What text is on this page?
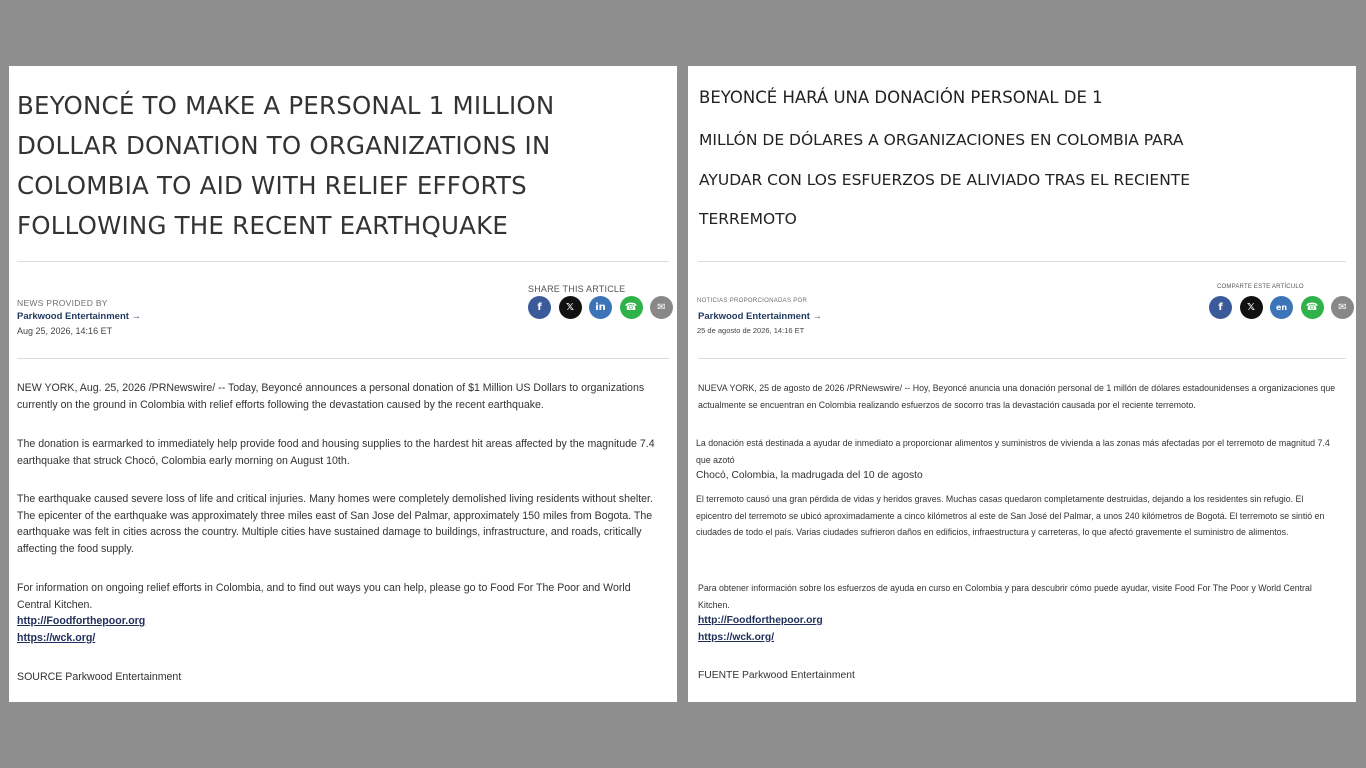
BEYONCÉ TO MAKE A PERSONAL 1 MILLION DOLLAR DONATION TO ORGANIZATIONS IN COLOMBIA TO AID WITH RELIEF EFFORTS FOLLOWING THE RECENT EARTHQUAKE
NEWS PROVIDED BY
Parkwood Entertainment →
Aug 25, 2026, 14:16 ET
SHARE THIS ARTICLE
f	𝕏	in	☎	✉

NEW YORK, Aug. 25, 2026 /PRNewswire/ -- Today, Beyoncé announces a personal donation of $1 Million US Dollars to organizations currently on the ground in Colombia with relief efforts following the devastation caused by the recent earthquake.

The donation is earmarked to immediately help provide food and housing supplies to the hardest hit areas affected by the magnitude 7.4 earthquake that struck Chocó, Colombia early morning on August 10th.

The earthquake caused severe loss of life and critical injuries. Many homes were completely demolished living residents without shelter. The epicenter of the earthquake was approximately three miles east of San Jose del Palmar, approximately 150 miles from Bogota. The earthquake was felt in cities across the country. Multiple cities have sustained damage to buildings, infrastructure, and roads, critically affecting the food supply.

For information on ongoing relief efforts in Colombia, and to find out ways you can help, please go to Food For The Poor and World Central Kitchen.

http://Foodforthepoor.org
https://wck.org/

SOURCE Parkwood Entertainment

BEYONCÉ HARÁ UNA DONACIÓN PERSONAL DE 1
MILLÓN DE DÓLARES A ORGANIZACIONES EN COLOMBIA PARA
AYUDAR CON LOS ESFUERZOS DE ALIVIADO TRAS EL RECIENTE
TERREMOTO
NOTICIAS PROPORCIONADAS POR
Parkwood Entertainment →
25 de agosto de 2026, 14:16 ET
COMPARTE ESTE ARTÍCULO
f	𝕏	en	☎	✉

NUEVA YORK, 25 de agosto de 2026 /PRNewswire/ -- Hoy, Beyoncé anuncia una donación personal de 1 millón de dólares estadounidenses a organizaciones que actualmente se encuentran en Colombia realizando esfuerzos de socorro tras la devastación causada por el reciente terremoto.

La donación está destinada a ayudar de inmediato a proporcionar alimentos y suministros de vivienda a las zonas más afectadas por el terremoto de magnitud 7.4 que azotó

Chocó, Colombia, la madrugada del 10 de agosto

El terremoto causó una gran pérdida de vidas y heridos graves. Muchas casas quedaron completamente destruidas, dejando a los residentes sin refugio. El epicentro del terremoto se ubicó aproximadamente a cinco kilómetros al este de San José del Palmar, a unos 240 kilómetros de Bogotá. El terremoto se sintió en ciudades de todo el país. Varias ciudades sufrieron daños en edificios, infraestructura y carreteras, lo que afectó gravemente el suministro de alimentos.

Para obtener información sobre los esfuerzos de ayuda en curso en Colombia y para descubrir cómo puede ayudar, visite Food For The Poor y World Central Kitchen.

http://Foodforthepoor.org
https://wck.org/

FUENTE Parkwood Entertainment
